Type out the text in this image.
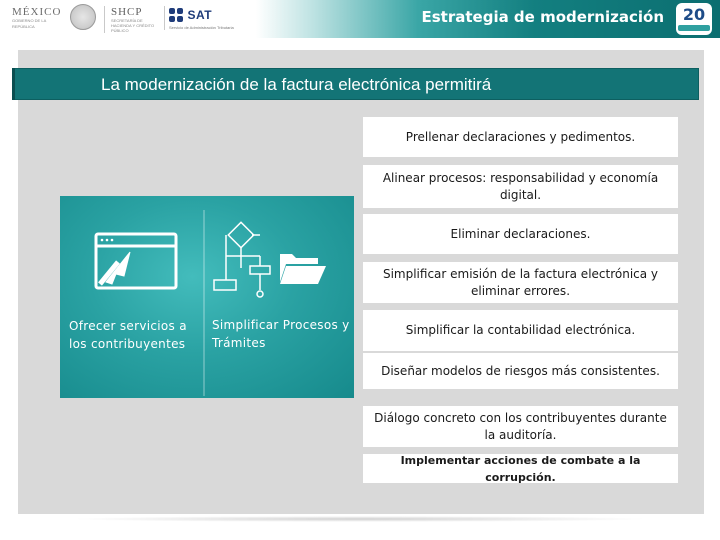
MÉXICO
GOBIERNO DE LA REPÚBLICA
SHCP
SECRETARÍA DE HACIENDA Y CRÉDITO PÚBLICO
SAT
Servicio de Administración Tributaria
Estrategia de modernización 20
La modernización de la factura electrónica permitirá
Ofrecer servicios a los contribuyentes
Simplificar Procesos y Trámites
Prellenar declaraciones y pedimentos.
Alinear procesos: responsabilidad y economía digital.
Eliminar declaraciones.
Simplificar emisión de la factura electrónica y eliminar errores.
Simplificar la contabilidad electrónica.
Diseñar modelos de riesgos más consistentes.
Diálogo concreto con los contribuyentes durante la auditoría.
Implementar acciones de combate a la corrupción.
